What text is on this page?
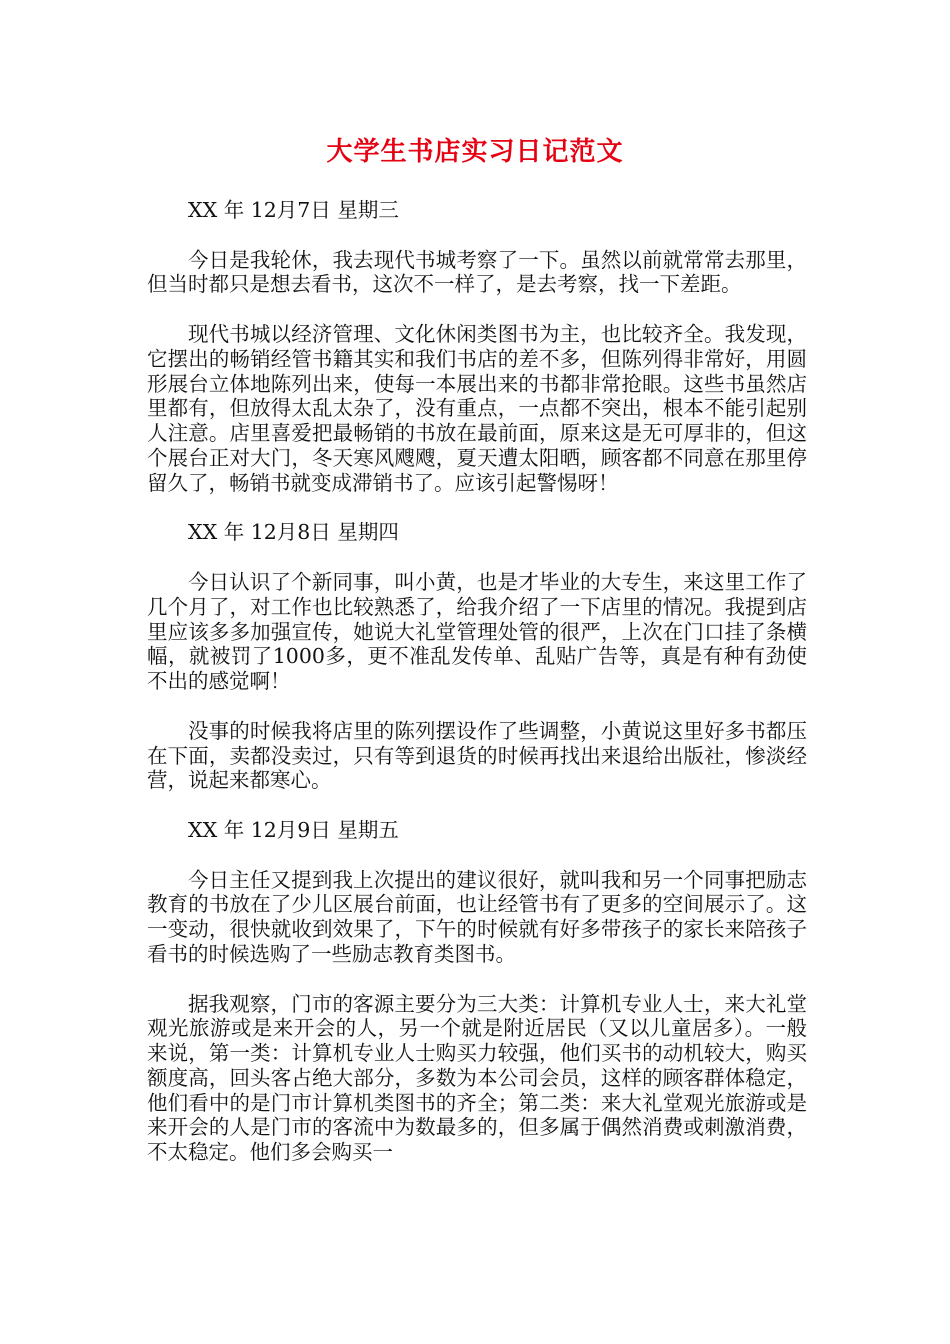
大学生书店实习日记范文

XX 年 12月7日 星期三

今日是我轮休，我去现代书城考察了一下。虽然以前就常常去那里，但当时都只是想去看书，这次不一样了，是去考察，找一下差距。

现代书城以经济管理、文化休闲类图书为主，也比较齐全。我发现，它摆出的畅销经管书籍其实和我们书店的差不多，但陈列得非常好，用圆形展台立体地陈列出来，使每一本展出来的书都非常抢眼。这些书虽然店里都有，但放得太乱太杂了，没有重点，一点都不突出，根本不能引起别人注意。店里喜爱把最畅销的书放在最前面，原来这是无可厚非的，但这个展台正对大门，冬天寒风飕飕，夏天遭太阳晒，顾客都不同意在那里停留久了，畅销书就变成滞销书了。应该引起警惕呀！

XX 年 12月8日 星期四

今日认识了个新同事，叫小黄，也是才毕业的大专生，来这里工作了几个月了，对工作也比较熟悉了，给我介绍了一下店里的情况。我提到店里应该多多加强宣传，她说大礼堂管理处管的很严，上次在门口挂了条横幅，就被罚了1000多，更不准乱发传单、乱贴广告等，真是有种有劲使不出的感觉啊！

没事的时候我将店里的陈列摆设作了些调整，小黄说这里好多书都压在下面，卖都没卖过，只有等到退货的时候再找出来退给出版社，惨淡经营，说起来都寒心。

XX 年 12月9日 星期五

今日主任又提到我上次提出的建议很好，就叫我和另一个同事把励志教育的书放在了少儿区展台前面，也让经管书有了更多的空间展示了。这一变动，很快就收到效果了，下午的时候就有好多带孩子的家长来陪孩子看书的时候选购了一些励志教育类图书。

据我观察，门市的客源主要分为三大类：计算机专业人士，来大礼堂观光旅游或是来开会的人，另一个就是附近居民（又以儿童居多）。一般来说，第一类：计算机专业人士购买力较强，他们买书的动机较大，购买额度高，回头客占绝大部分，多数为本公司会员，这样的顾客群体稳定，他们看中的是门市计算机类图书的齐全；第二类：来大礼堂观光旅游或是来开会的人是门市的客流中为数最多的，但多属于偶然消费或刺激消费，不太稳定。他们多会购买一
